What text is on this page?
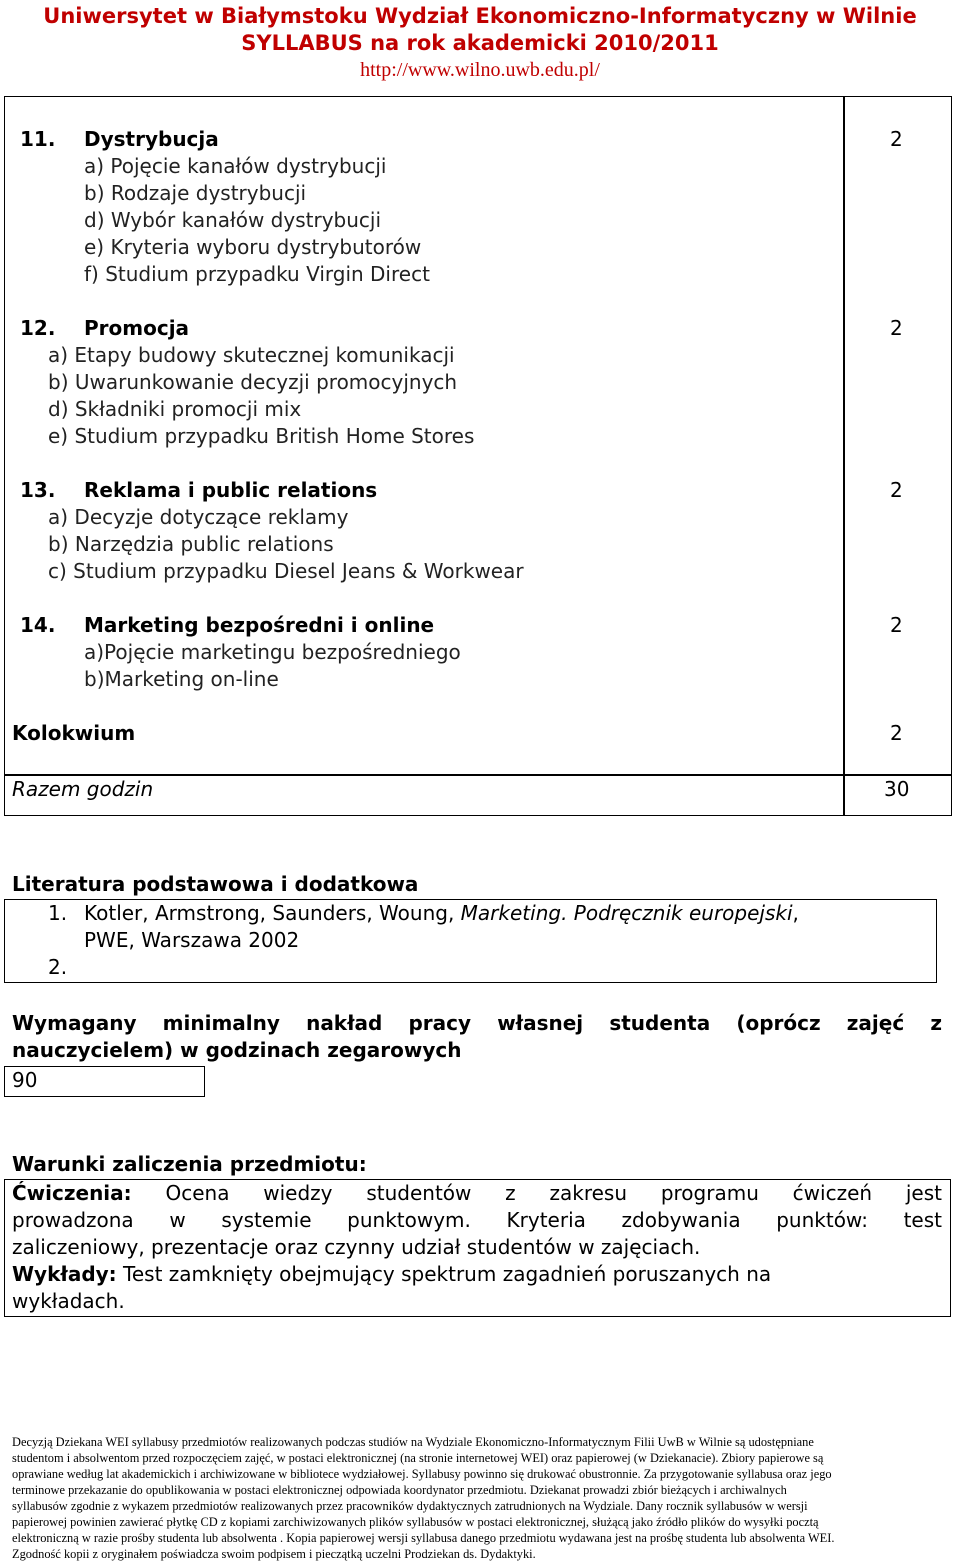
Uniwersytet w Białymstoku Wydział Ekonomiczno-Informatyczny w Wilnie
SYLLABUS na rok akademicki 2010/2011
http://www.wilno.uwb.edu.pl/
11. Dystrybucja	2
a) Pojęcie kanałów dystrybucji
b) Rodzaje dystrybucji
d) Wybór kanałów dystrybucji
e) Kryteria wyboru dystrybutorów
f) Studium przypadku Virgin Direct
12. Promocja	2
a) Etapy budowy skutecznej komunikacji
b) Uwarunkowanie decyzji promocyjnych
d) Składniki promocji mix
e) Studium przypadku British Home Stores
13. Reklama i public relations	2
a) Decyzje dotyczące reklamy
b) Narzędzia public relations
c) Studium przypadku Diesel Jeans & Workwear
14. Marketing bezpośredni i online	2
a)Pojęcie marketingu bezpośredniego
b)Marketing on-line
Kolokwium	2
Razem godzin	30
Literatura podstawowa i dodatkowa
1. Kotler, Armstrong, Saunders, Woung, Marketing. Podręcznik europejski,
PWE, Warszawa 2002
2.
Wymagany minimalny nakład pracy własnej studenta (oprócz zajęć z
nauczycielem) w godzinach zegarowych
90
Warunki zaliczenia przedmiotu:
Ćwiczenia: Ocena wiedzy studentów z zakresu programu ćwiczeń jest
prowadzona w systemie punktowym. Kryteria zdobywania punktów: test
zaliczeniowy, prezentacje oraz czynny udział studentów w zajęciach.
Wykłady: Test zamknięty obejmujący spektrum zagadnień poruszanych na
wykładach.
Decyzją Dziekana WEI syllabusy przedmiotów realizowanych podczas studiów na Wydziale Ekonomiczno-Informatycznym Filii UwB w Wilnie są udostępniane
studentom i absolwentom przed rozpoczęciem zajęć, w postaci elektronicznej (na stronie internetowej WEI) oraz papierowej (w Dziekanacie). Zbiory papierowe są
oprawiane według lat akademickich i archiwizowane w bibliotece wydziałowej. Syllabusy powinno się drukować obustronnie. Za przygotowanie syllabusa oraz jego
terminowe przekazanie do opublikowania w postaci elektronicznej odpowiada koordynator przedmiotu. Dziekanat prowadzi zbiór bieżących i archiwalnych
syllabusów zgodnie z wykazem przedmiotów realizowanych przez pracowników dydaktycznych zatrudnionych na Wydziale. Dany rocznik syllabusów w wersji
papierowej powinien zawierać płytkę CD z kopiami zarchiwizowanych plików syllabusów w postaci elektronicznej, służącą jako źródło plików do wysyłki pocztą
elektroniczną w razie prośby studenta lub absolwenta . Kopia papierowej wersji syllabusa danego przedmiotu wydawana jest na prośbę studenta lub absolwenta WEI.
Zgodność kopii z oryginałem poświadcza swoim podpisem i pieczątką uczelni Prodziekan ds. Dydaktyki.
